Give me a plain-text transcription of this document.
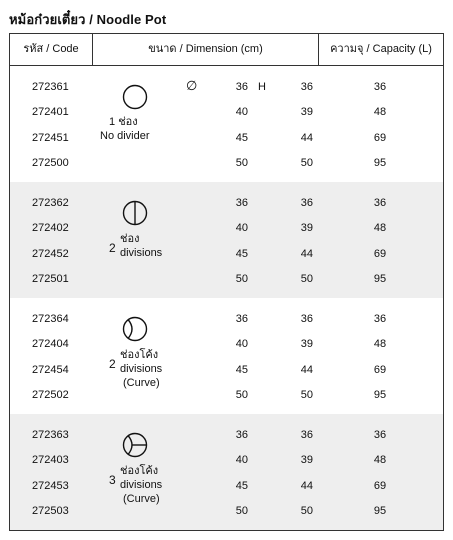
หม้อก๋วยเตี๋ยว / Noodle Pot
รหัส / Code	ขนาด / Dimension (cm)	ความจุ / Capacity (L)
272361	36	36	36
272401	40	39	48
272451	45	44	69
272500	50	50	95
∅	H
1 ช่อง
No divider
272362	36	36	36
272402	40	39	48
272452	45	44	69
272501	50	50	95
2
ช่อง
divisions
272364	36	36	36
272404	40	39	48
272454	45	44	69
272502	50	50	95
2
ช่องโค้ง
divisions
(Curve)
272363	36	36	36
272403	40	39	48
272453	45	44	69
272503	50	50	95
3
ช่องโค้ง
divisions
(Curve)
